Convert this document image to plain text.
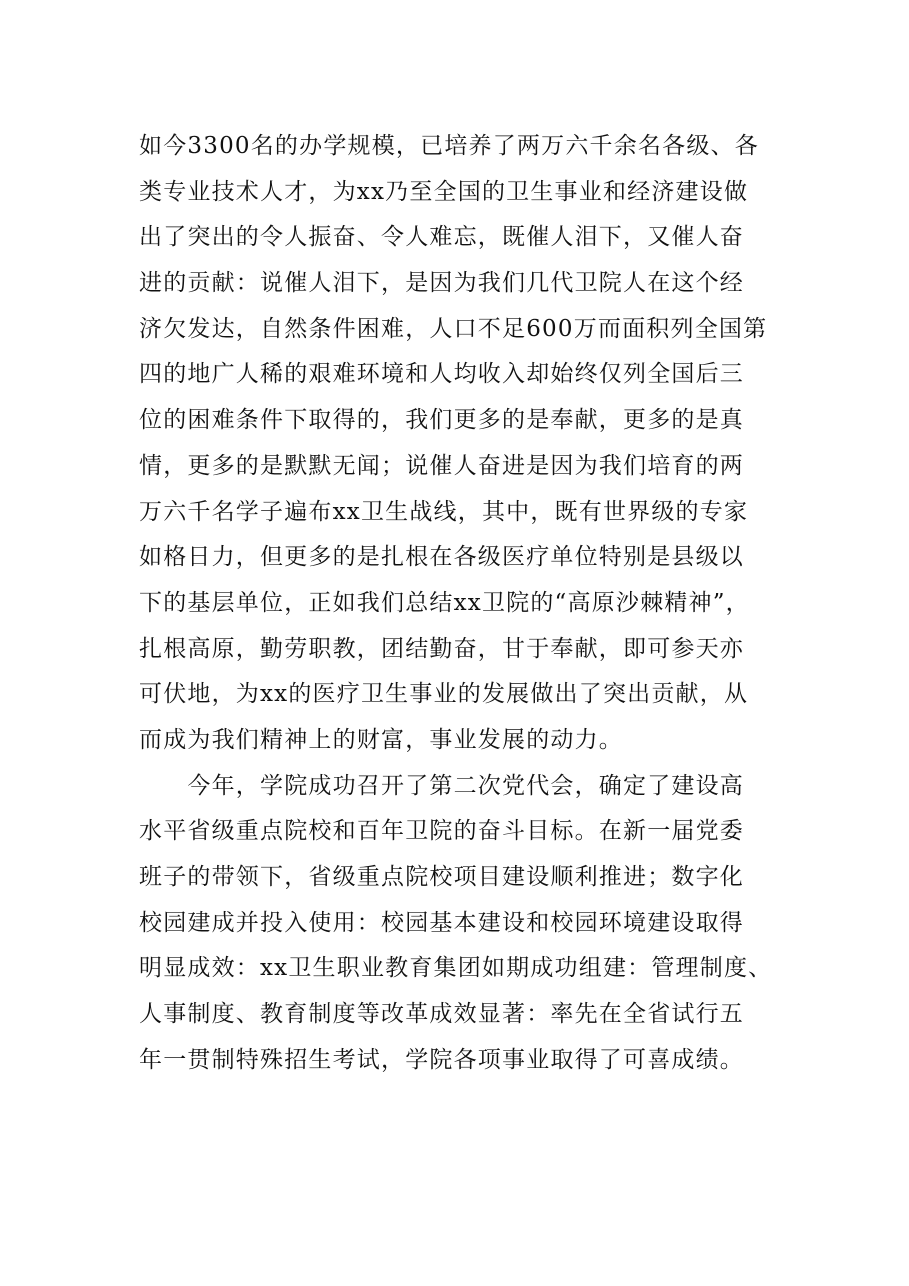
如今3300名的办学规模，已培养了两万六千余名各级、各
类专业技术人才，为xx乃至全国的卫生事业和经济建设做
出了突出的令人振奋、令人难忘，既催人泪下，又催人奋
进的贡献：说催人泪下，是因为我们几代卫院人在这个经
济欠发达，自然条件困难，人口不足600万而面积列全国第
四的地广人稀的艰难环境和人均收入却始终仅列全国后三
位的困难条件下取得的，我们更多的是奉献，更多的是真
情，更多的是默默无闻；说催人奋进是因为我们培育的两
万六千名学子遍布xx卫生战线，其中，既有世界级的专家
如格日力，但更多的是扎根在各级医疗单位特别是县级以
下的基层单位，正如我们总结xx卫院的“高原沙棘精神”，
扎根高原，勤劳职教，团结勤奋，甘于奉献，即可参天亦
可伏地，为xx的医疗卫生事业的发展做出了突出贡献，从
而成为我们精神上的财富，事业发展的动力。
　　今年，学院成功召开了第二次党代会，确定了建设高
水平省级重点院校和百年卫院的奋斗目标。在新一届党委
班子的带领下，省级重点院校项目建设顺利推进；数字化
校园建成并投入使用：校园基本建设和校园环境建设取得
明显成效：xx卫生职业教育集团如期成功组建：管理制度、
人事制度、教育制度等改革成效显著：率先在全省试行五
年一贯制特殊招生考试，学院各项事业取得了可喜成绩。
